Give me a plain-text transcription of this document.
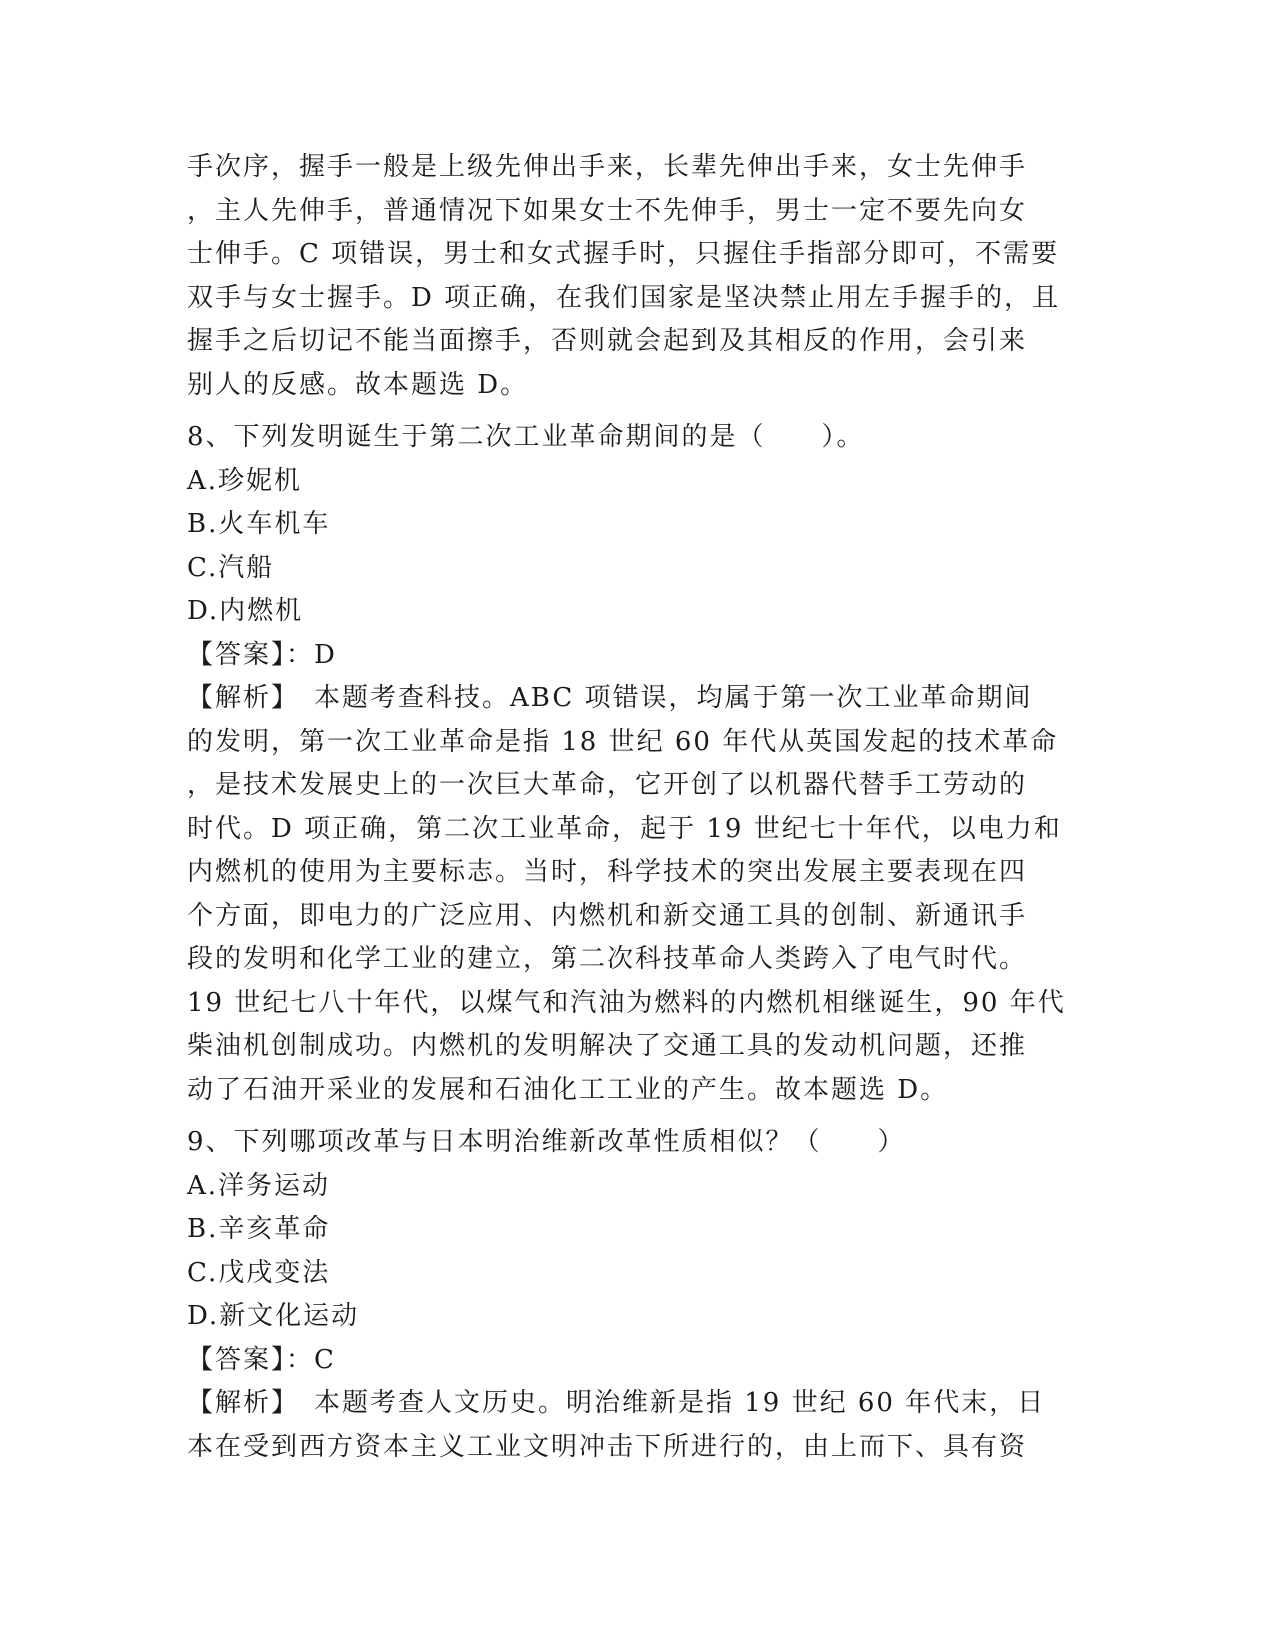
手次序，握手一般是上级先伸出手来，长辈先伸出手来，女士先伸手
，主人先伸手，普通情况下如果女士不先伸手，男士一定不要先向女
士伸手。C 项错误，男士和女式握手时，只握住手指部分即可，不需要
双手与女士握手。D 项正确，在我们国家是坚决禁止用左手握手的，且
握手之后切记不能当面擦手，否则就会起到及其相反的作用，会引来
别人的反感。故本题选 D。
8、下列发明诞生于第二次工业革命期间的是（　　）。
A.珍妮机
B.火车机车
C.汽船
D.内燃机
【答案】：D
【解析】　本题考查科技。ABC 项错误，均属于第一次工业革命期间
的发明，第一次工业革命是指 18 世纪 60 年代从英国发起的技术革命
，是技术发展史上的一次巨大革命，它开创了以机器代替手工劳动的
时代。D 项正确，第二次工业革命，起于 19 世纪七十年代，以电力和
内燃机的使用为主要标志。当时，科学技术的突出发展主要表现在四
个方面，即电力的广泛应用、内燃机和新交通工具的创制、新通讯手
段的发明和化学工业的建立，第二次科技革命人类跨入了电气时代。
19 世纪七八十年代，以煤气和汽油为燃料的内燃机相继诞生，90 年代
柴油机创制成功。内燃机的发明解决了交通工具的发动机问题，还推
动了石油开采业的发展和石油化工工业的产生。故本题选 D。
9、下列哪项改革与日本明治维新改革性质相似？（　　）
A.洋务运动
B.辛亥革命
C.戊戌变法
D.新文化运动
【答案】：C
【解析】　本题考查人文历史。明治维新是指 19 世纪 60 年代末，日
本在受到西方资本主义工业文明冲击下所进行的，由上而下、具有资
